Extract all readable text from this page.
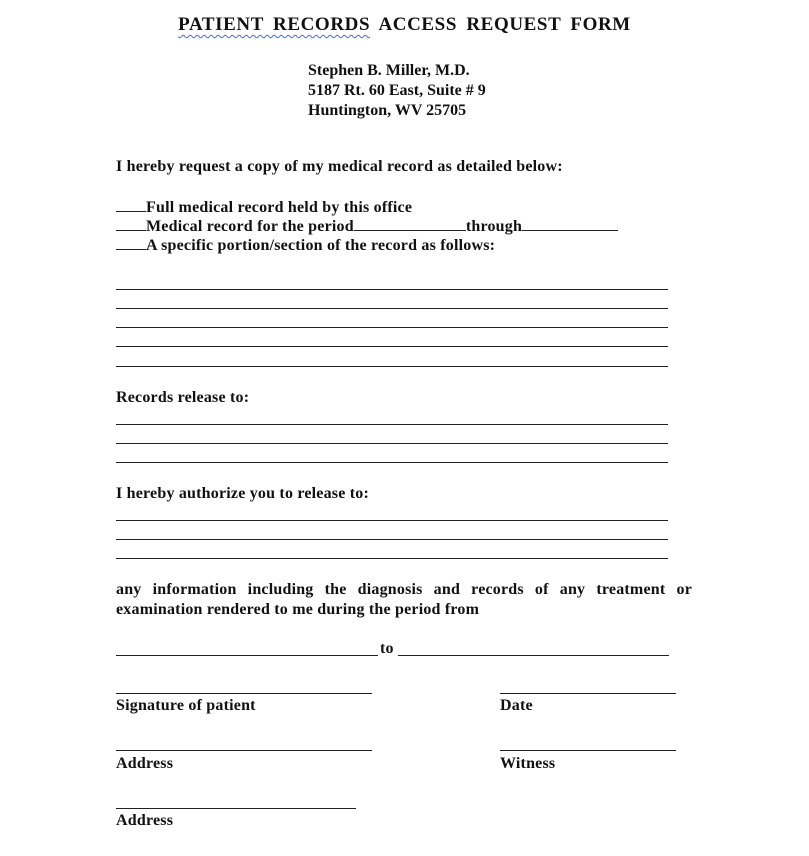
PATIENT RECORDS ACCESS REQUEST FORM
Stephen B. Miller, M.D.
5187 Rt. 60 East, Suite # 9
Huntington, WV 25705
I hereby request a copy of my medical record as detailed below:
Full medical record held by this office
Medical record for the period	through
A specific portion/section of the record as follows:
Records release to:
I hereby authorize you to release to:
any information including the diagnosis and records of any treatment or examination rendered to me during the period from
to
Signature of patient	Date
Address	Witness
Address
